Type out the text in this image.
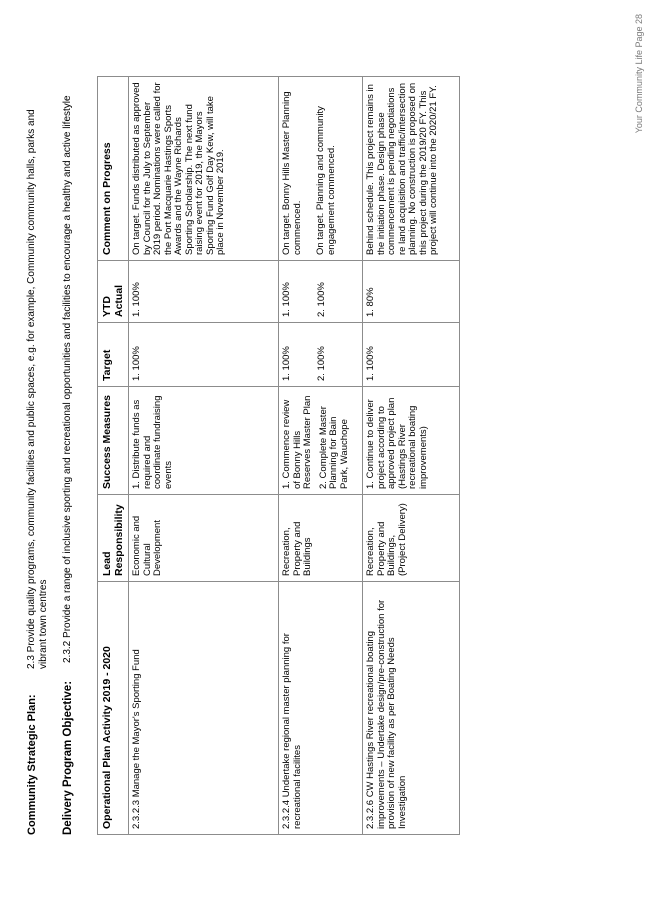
Community Strategic Plan:
2.3 Provide quality programs, community facilities and public spaces, e.g. for example, Community community halls, parks and vibrant town centres
Delivery Program Objective:
2.3.2 Provide a range of inclusive sporting and recreational opportunities and facilities to encourage a healthy and active lifestyle
Operational Plan Activity 2019 - 2020	Lead Responsibility	Success Measures	Target	YTD Actual	Comment on Progress
2.3.2.3 Manage the Mayor's Sporting Fund	Economic and Cultural Development	1. Distribute funds as required and coordinate fundraising events	1. 100%	1. 100%	On target. Funds distributed as approved by Council for the July to September 2019 period. Nominations were called for the Port Macquarie Hastings Sports Awards and the Wayne Richards Sporting Scholarship. The next fund raising event for 2019, the Mayors Sporting Fund Golf Day Kew, will take place in November 2019.

2.3.2.4 Undertake regional master planning for recreational facilites	Recreation, Property and Buildings	1. Commence review of Bonny Hills Reserves Master Plan 2. Complete Master Planning for Bain Park, Wauchope	1. 100% 2. 100%	1. 100% 2. 100%	On target. Bonny Hills Master Planning commenced. On target. Planning and community engagement commenced.

2.3.2.6 CW Hastings River recreational boating improvements – Undertake design/pre-construction for provision of new facility as per Boating Needs Investigation	Recreation, Property and Buildings, (Project Delivery)	1. Continue to deliver project according to approved project plan (Hastings River recreational boating improvements)	1. 100%	1. 80%	Behind schedule. This project remains in the initiation phase. Design phase commencement is pending negotiations re land acquisition and traffic/intersection planning. No construction is proposed on this project during the 2019/20 FY. This project will continue into the 2020/21 FY.
Your Community Life Page 28
